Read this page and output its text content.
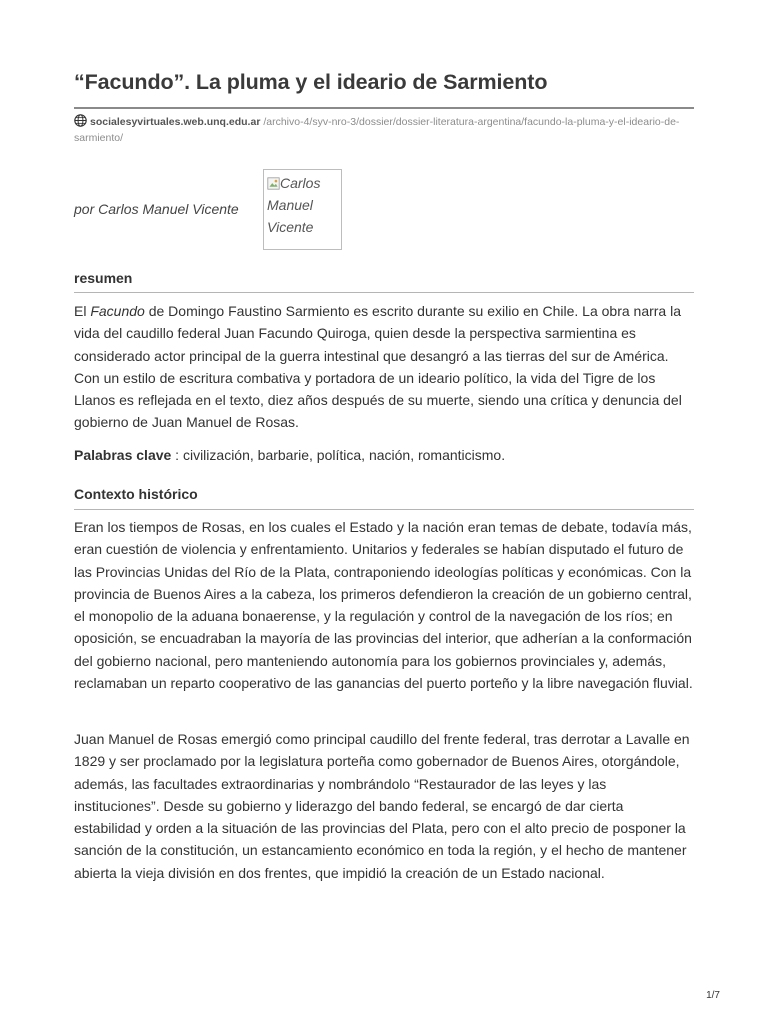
“Facundo”. La pluma y el ideario de Sarmiento
socialesyvirtuales.web.unq.edu.ar /archivo-4/syv-nro-3/dossier/dossier-literatura-argentina/facundo-la-pluma-y-el-ideario-de-sarmiento/
por Carlos Manuel Vicente
Carlos Manuel Vicente
resumen

El Facundo de Domingo Faustino Sarmiento es escrito durante su exilio en Chile. La obra narra la vida del caudillo federal Juan Facundo Quiroga, quien desde la perspectiva sarmientina es considerado actor principal de la guerra intestinal que desangró a las tierras del sur de América. Con un estilo de escritura combativa y portadora de un ideario político, la vida del Tigre de los Llanos es reflejada en el texto, diez años después de su muerte, siendo una crítica y denuncia del gobierno de Juan Manuel de Rosas.

Palabras clave : civilización, barbarie, política, nación, romanticismo.
Contexto histórico

Eran los tiempos de Rosas, en los cuales el Estado y la nación eran temas de debate, todavía más, eran cuestión de violencia y enfrentamiento. Unitarios y federales se habían disputado el futuro de las Provincias Unidas del Río de la Plata, contraponiendo ideologías políticas y económicas. Con la provincia de Buenos Aires a la cabeza, los primeros defendieron la creación de un gobierno central, el monopolio de la aduana bonaerense, y la regulación y control de la navegación de los ríos; en oposición, se encuadraban la mayoría de las provincias del interior, que adherían a la conformación del gobierno nacional, pero manteniendo autonomía para los gobiernos provinciales y, además, reclamaban un reparto cooperativo de las ganancias del puerto porteño y la libre navegación fluvial.

Juan Manuel de Rosas emergió como principal caudillo del frente federal, tras derrotar a Lavalle en 1829 y ser proclamado por la legislatura porteña como gobernador de Buenos Aires, otorgándole, además, las facultades extraordinarias y nombrándolo “Restaurador de las leyes y las instituciones”. Desde su gobierno y liderazgo del bando federal, se encargó de dar cierta estabilidad y orden a la situación de las provincias del Plata, pero con el alto precio de posponer la sanción de la constitución, un estancamiento económico en toda la región, y el hecho de mantener abierta la vieja división en dos frentes, que impidió la creación de un Estado nacional.

1/7
